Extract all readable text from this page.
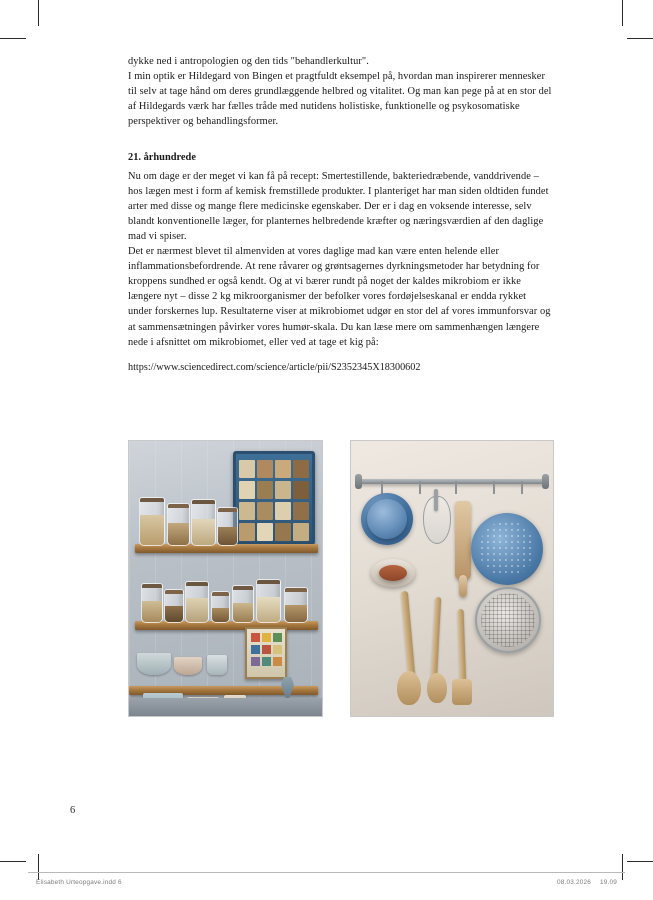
dykke ned i antropologien og den tids "behandlerkultur".

I min optik er Hildegard von Bingen et pragtfuldt eksempel på, hvordan man inspirerer mennesker til selv at tage hånd om deres grundlæggende helbred og vitalitet. Og man kan pege på at en stor del af Hildegards værk har fælles tråde med nutidens holistiske, funktionelle og psykosomatiske perspektiver og behandlingsformer.

21. århundrede

Nu om dage er der meget vi kan få på recept: Smertestillende, bakteriedræbende, vanddrivende – hos lægen mest i form af kemisk fremstillede produkter. I planteriget har man siden oldtiden fundet arter med disse og mange flere medicinske egenskaber. Der er i dag en voksende interesse, selv blandt konventionelle læger, for planternes helbredende kræfter og næringsværdien af den daglige mad vi spiser.

Det er nærmest blevet til almenviden at vores daglige mad kan være enten helende eller inflammationsbefordrende. At rene råvarer og grøntsagernes dyrkningsmetoder har betydning for kroppens sundhed er også kendt. Og at vi bærer rundt på noget der kaldes mikrobiom er ikke længere nyt – disse 2 kg mikroorganismer der befolker vores fordøjelseskanal er endda rykket under forskernes lup. Resultaterne viser at mikrobiomet udgør en stor del af vores immunforsvar og at sammensætningen påvirker vores humør-skala. Du kan læse mere om sammenhængen længere nede i afsnittet om mikrobiomet, eller ved at tage et kig på:

https://www.sciencedirect.com/science/article/pii/S2352345X18300602

6
Elisabeth Urteopgave.indd 6	08.03.2026 19.09
